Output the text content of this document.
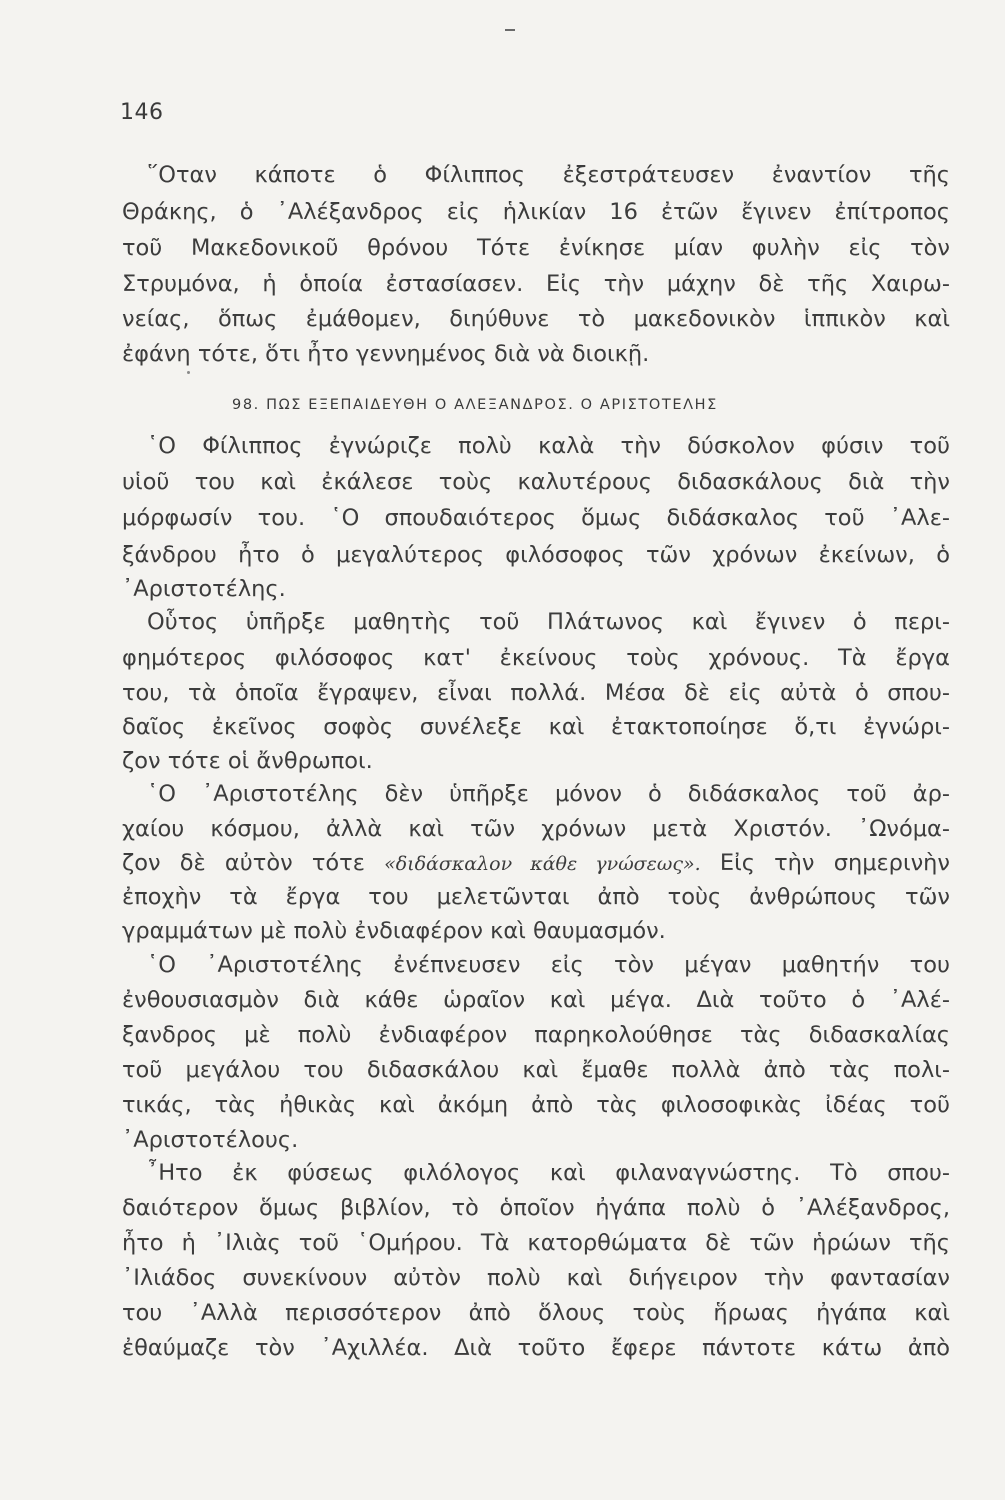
146
῞Οταν κάποτε ὁ Φίλιππος ἐξεστράτευσεν ἐναντίον τῆς
Θράκης, ὁ ᾿Αλέξανδρος εἰς ἡλικίαν 16 ἐτῶν ἔγινεν ἐπίτροπος
τοῦ Μακεδονικοῦ θρόνου Τότε ἐνίκησε μίαν φυλὴν εἰς τὸν
Στρυμόνα, ἡ ὁποία ἐστασίασεν. Εἰς τὴν μάχην δὲ τῆς Χαιρω-
νείας, ὅπως ἐμάθομεν, διηύθυνε τὸ μακεδονικὸν ἱππικὸν καὶ
ἐφάνη τότε, ὅτι ἦτο γεννημένος διὰ νὰ διοικῇ.
98. ΠΩΣ ΕΞΕΠΑΙΔΕΥΘΗ Ο ΑΛΕΞΑΝΔΡΟΣ. Ο ΑΡΙΣΤΟΤΕΛΗΣ
῾Ο Φίλιππος ἐγνώριζε πολὺ καλὰ τὴν δύσκολον φύσιν τοῦ
υἱοῦ του καὶ ἐκάλεσε τοὺς καλυτέρους διδασκάλους διὰ τὴν
μόρφωσίν του. ῾Ο σπουδαιότερος ὅμως διδάσκαλος τοῦ ᾿Αλε-
ξάνδρου ἦτο ὁ μεγαλύτερος φιλόσοφος τῶν χρόνων ἐκείνων, ὁ
᾿Αριστοτέλης.
Οὗτος ὑπῆρξε μαθητὴς τοῦ Πλάτωνος καὶ ἔγινεν ὁ περι-
φημότερος φιλόσοφος κατ' ἐκείνους τοὺς χρόνους. Τὰ ἔργα
του, τὰ ὁποῖα ἔγραψεν, εἶναι πολλά. Μέσα δὲ εἰς αὐτὰ ὁ σπου-
δαῖος ἐκεῖνος σοφὸς συνέλεξε καὶ ἐτακτοποίησε ὅ,τι ἐγνώρι-
ζον τότε οἱ ἄνθρωποι.
῾Ο ᾿Αριστοτέλης δὲν ὑπῆρξε μόνον ὁ διδάσκαλος τοῦ ἀρ-
χαίου κόσμου, ἀλλὰ καὶ τῶν χρόνων μετὰ Χριστόν. ᾿Ωνόμα-
ζον δὲ αὐτὸν τότε «διδάσκαλον κάθε γνώσεως». Εἰς τὴν σημερινὴν
ἐποχὴν τὰ ἔργα του μελετῶνται ἀπὸ τοὺς ἀνθρώπους τῶν
γραμμάτων μὲ πολὺ ἐνδιαφέρον καὶ θαυμασμόν.
῾Ο ᾿Αριστοτέλης ἐνέπνευσεν εἰς τὸν μέγαν μαθητήν του
ἐνθουσιασμὸν διὰ κάθε ὡραῖον καὶ μέγα. Διὰ τοῦτο ὁ ᾿Αλέ-
ξανδρος μὲ πολὺ ἐνδιαφέρον παρηκολούθησε τὰς διδασκαλίας
τοῦ μεγάλου του διδασκάλου καὶ ἔμαθε πολλὰ ἀπὸ τὰς πολι-
τικάς, τὰς ἠθικὰς καὶ ἀκόμη ἀπὸ τὰς φιλοσοφικὰς ἰδέας τοῦ
᾿Αριστοτέλους.
῏Ητο ἐκ φύσεως φιλόλογος καὶ φιλαναγνώστης. Τὸ σπου-
δαιότερον ὅμως βιβλίον, τὸ ὁποῖον ἠγάπα πολὺ ὁ ᾿Αλέξανδρος,
ἦτο ἡ ᾿Ιλιὰς τοῦ ῾Ομήρου. Τὰ κατορθώματα δὲ τῶν ἡρώων τῆς
᾿Ιλιάδος συνεκίνουν αὐτὸν πολὺ καὶ διήγειρον τὴν φαντασίαν
του ᾿Αλλὰ περισσότερον ἀπὸ ὅλους τοὺς ἥρωας ἠγάπα καὶ
ἐθαύμαζε τὸν ᾿Αχιλλέα. Διὰ τοῦτο ἔφερε πάντοτε κάτω ἀπὸ
